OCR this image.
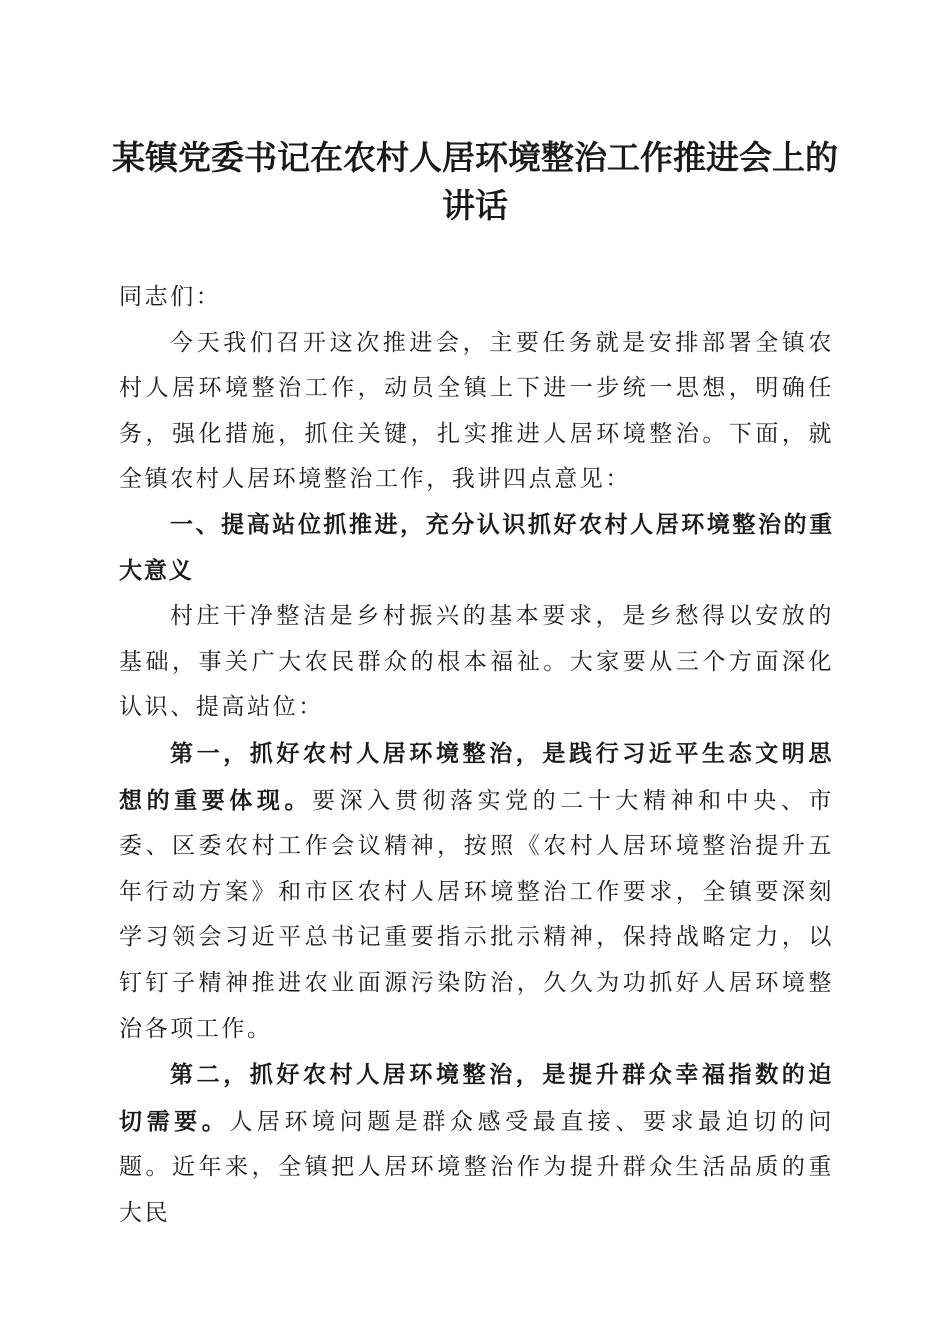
某镇党委书记在农村人居环境整治工作推进会上的讲话

同志们：

今天我们召开这次推进会，主要任务就是安排部署全镇农村人居环境整治工作，动员全镇上下进一步统一思想，明确任务，强化措施，抓住关键，扎实推进人居环境整治。下面，就全镇农村人居环境整治工作，我讲四点意见：

一、提高站位抓推进，充分认识抓好农村人居环境整治的重大意义

村庄干净整洁是乡村振兴的基本要求，是乡愁得以安放的基础，事关广大农民群众的根本福祉。大家要从三个方面深化认识、提高站位：

第一，抓好农村人居环境整治，是践行习近平生态文明思想的重要体现。要深入贯彻落实党的二十大精神和中央、市委、区委农村工作会议精神，按照《农村人居环境整治提升五年行动方案》和市区农村人居环境整治工作要求，全镇要深刻学习领会习近平总书记重要指示批示精神，保持战略定力，以钉钉子精神推进农业面源污染防治，久久为功抓好人居环境整治各项工作。

第二，抓好农村人居环境整治，是提升群众幸福指数的迫切需要。人居环境问题是群众感受最直接、要求最迫切的问题。近年来，全镇把人居环境整治作为提升群众生活品质的重大民
